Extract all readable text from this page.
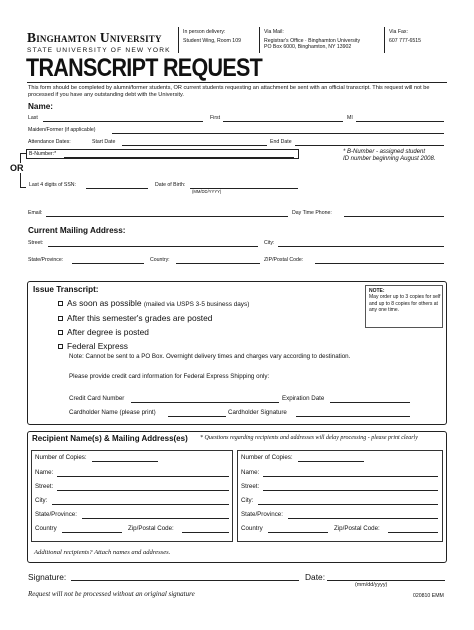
Binghamton University
STATE UNIVERSITY OF NEW YORK
In person delivery:
Student Wing, Room 109
Via Mail:
Registrar's Office · Binghamton University
PO Box 6000, Binghamton, NY 13902
Via Fax:
607 777-6515
TRANSCRIPT REQUEST
This form should be completed by alumni/former students, OR current students requesting an attachment be sent with an official transcript. This request will not be processed if you have any outstanding debt with the University.
Name:
Last	First	MI
Maiden/Former (if applicable)
Attendance Dates:	Start Date	End Date
OR
B-Number:*	* B-Number - assigned student
ID number beginning August 2008.
Last 4 digits of SSN:	Date of Birth:
(MM/DD/YYYY)
Email:	Day Time Phone:
Current Mailing Address:
Street:	City:
State/Province:	Country:	ZIP/Postal Code:
Issue Transcript:	NOTE:
May order up to 3 copies for self and up to 8 copies for others at any one time.
As soon as possible (mailed via USPS 3-5 business days)
After this semester's grades are posted
After degree is posted
Federal Express
Note: Cannot be sent to a PO Box. Overnight delivery times and charges vary according to destination.
Please provide credit card information for Federal Express Shipping only:
Credit Card Number	Expiration Date
Cardholder Name (please print)	Cardholder Signature
Recipient Name(s) & Mailing Address(es) * Questions regarding recipients and addresses will delay processing - please print clearly
Number of Copies:
Name:
Street:
City:
State/Province:
Country	Zip/Postal Code:
Number of Copies:
Name:
Street:
City:
State/Province:
Country	Zip/Postal Code:
Additional recipients? Attach names and addresses.
Signature:	Date:
(mm/dd/yyyy)
Request will not be processed without an original signature	020810 EMM
